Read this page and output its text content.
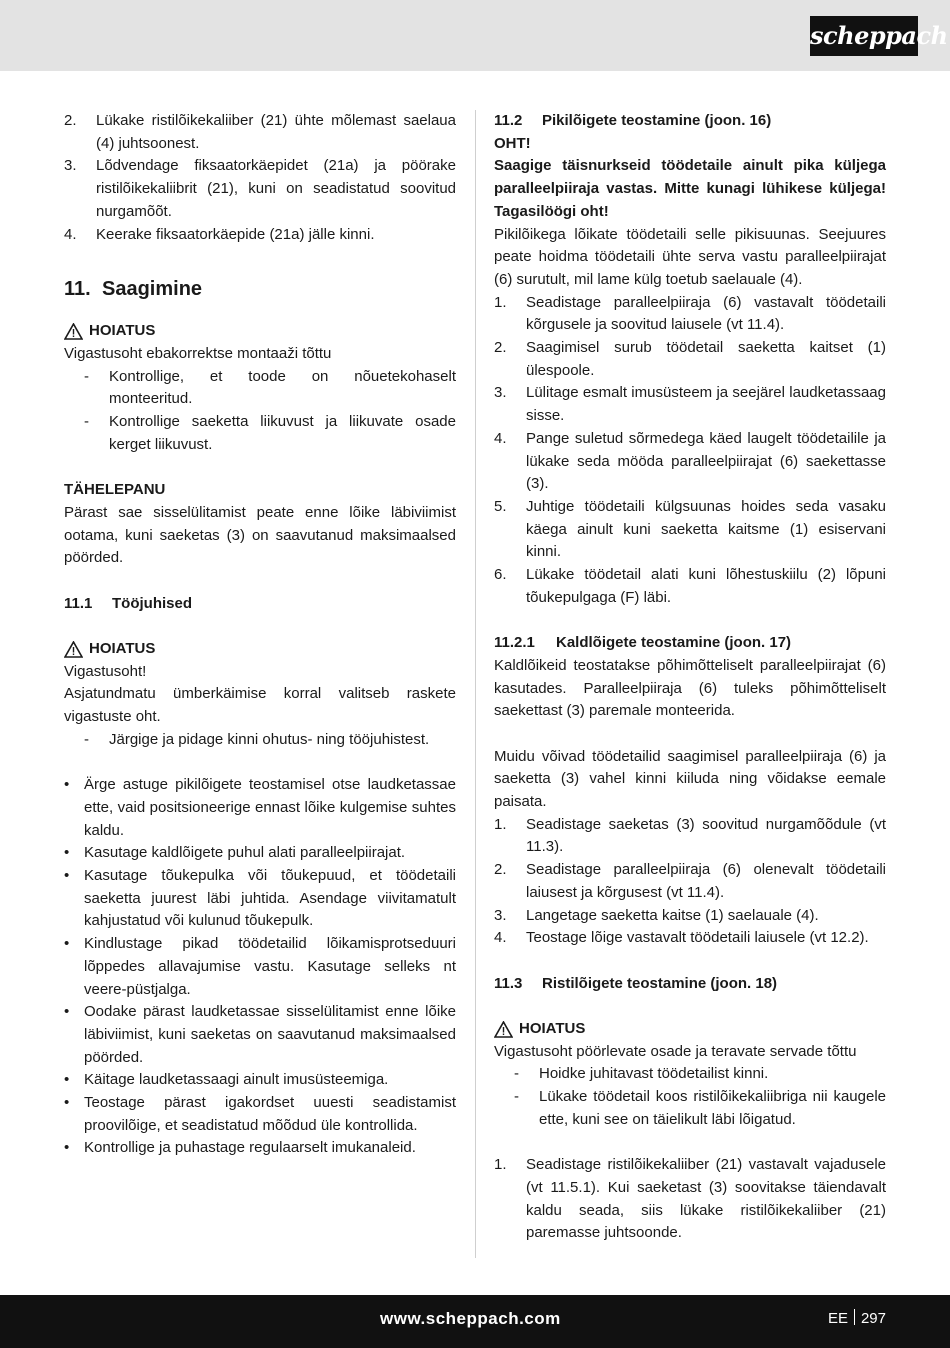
scheppach
2.	Lükake ristilõikekaliiber (21) ühte mõlemast saelaua (4) juhtsoonest.
3.	Lõdvendage fiksaatorkäepidet (21a) ja pöörake ristilõikekaliibrit (21), kuni on seadistatud soovitud nurgamõõt.
4.	Keerake fiksaatorkäepide (21a) jälle kinni.
11. Saagimine
HOIATUS

Vigastusoht ebakorrektse montaaži tõttu

-	Kontrollige, et toode on nõuetekohaselt monteeritud.
-	Kontrollige saeketta liikuvust ja liikuvate osade kerget liikuvust.
TÄHELEPANU

Pärast sae sisselülitamist peate enne lõike läbiviimist ootama, kuni saeketas (3) on saavutanud maksimaalsed pöörded.

11.1 Tööjuhised
HOIATUS

Vigastusoht!

Asjatundmatu ümberkäimise korral valitseb raskete vigastuste oht.

-	Järgige ja pidage kinni ohutus- ning tööjuhistest.
• Ärge astuge pikilõigete teostamisel otse laudketassae ette, vaid positsioneerige ennast lõike kulgemise suhtes kaldu.
• Kasutage kaldlõigete puhul alati paralleelpiirajat.
• Kasutage tõukepulka või tõukepuud, et töödetaili saeketta juurest läbi juhtida. Asendage viivitamatult kahjustatud või kulunud tõukepulk.
• Kindlustage pikad töödetailid lõikamisprotseduuri lõppedes allavajumise vastu. Kasutage selleks nt veere-püstjalga.
• Oodake pärast laudketassae sisselülitamist enne lõike läbiviimist, kuni saeketas on saavutanud maksimaalsed pöörded.
• Käitage laudketassaagi ainult imusüsteemiga.
• Teostage pärast igakordset uuesti seadistamist proovilõige, et seadistatud mõõdud üle kontrollida.
• Kontrollige ja puhastage regulaarselt imukanaleid.
11.2 Pikilõigete teostamine (joon. 16)
OHT!

Saagige täisnurkseid töödetaile ainult pika küljega paralleelpiiraja vastas. Mitte kunagi lühikese küljega! Tagasilöögi oht!

Pikilõikega lõikate töödetaili selle pikisuunas. Seejuures peate hoidma töödetaili ühte serva vastu paralleelpiirajat (6) surutult, mil lame külg toetub saelauale (4).

1.	Seadistage paralleelpiiraja (6) vastavalt töödetaili kõrgusele ja soovitud laiusele (vt 11.4).
2.	Saagimisel surub töödetail saeketta kaitset (1) ülespoole.
3.	Lülitage esmalt imusüsteem ja seejärel laudketassaag sisse.
4.	Pange suletud sõrmedega käed laugelt töödetailile ja lükake seda mööda paralleelpiirajat (6) saekettasse (3).
5.	Juhtige töödetaili külgsuunas hoides seda vasaku käega ainult kuni saeketta kaitsme (1) esiservani kinni.
6.	Lükake töödetail alati kuni lõhestuskiilu (2) lõpuni tõukepulgaga (F) läbi.
11.2.1 Kaldlõigete teostamine (joon. 17)

Kaldlõikeid teostatakse põhimõtteliselt paralleelpiirajat (6) kasutades. Paralleelpiiraja (6) tuleks põhimõtteliselt saekettast (3) paremale monteerida.

Muidu võivad töödetailid saagimisel paralleelpiiraja (6) ja saeketta (3) vahel kinni kiiluda ning võidakse eemale paisata.

1.	Seadistage saeketas (3) soovitud nurgamõõdule (vt 11.3).
2.	Seadistage paralleelpiiraja (6) olenevalt töödetaili laiusest ja kõrgusest (vt 11.4).
3.	Langetage saeketta kaitse (1) saelauale (4).
4.	Teostage lõige vastavalt töödetaili laiusele (vt 12.2).
11.3 Ristilõigete teostamine (joon. 18)
HOIATUS

Vigastusoht pöörlevate osade ja teravate servade tõttu

-	Hoidke juhitavast töödetailist kinni.
-	Lükake töödetail koos ristilõikekaliibriga nii kaugele ette, kuni see on täielikult läbi lõigatud.
1.	Seadistage ristilõikekaliiber (21) vastavalt vajadusele (vt 11.5.1). Kui saeketast (3) soovitakse täiendavalt kaldu seada, siis lükake ristilõikekaliiber (21) paremasse juhtsoonde.
www.scheppach.com	EE 297
